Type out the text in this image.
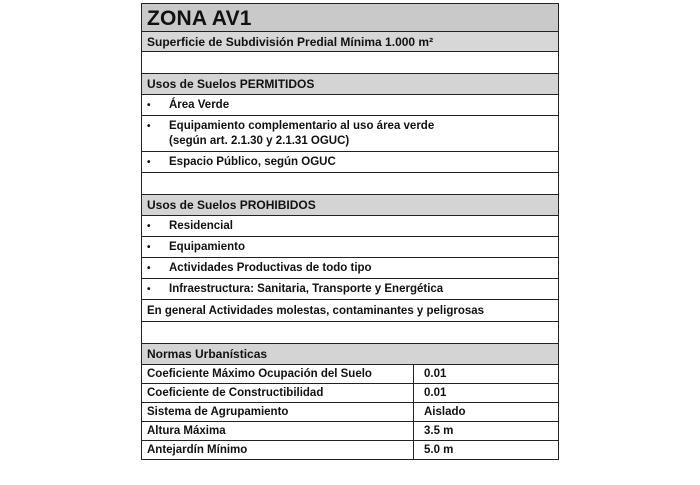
ZONA AV1
Superficie de Subdivisión Predial Mínima 1.000 m²
Usos de Suelos PERMITIDOS
• Área Verde
• Equipamiento complementario al uso área verde
(según art. 2.1.30 y 2.1.31 OGUC)
• Espacio Público, según OGUC
Usos de Suelos PROHIBIDOS
• Residencial
• Equipamiento
• Actividades Productivas de todo tipo
• Infraestructura: Sanitaria, Transporte y Energética
En general Actividades molestas, contaminantes y peligrosas
Normas Urbanísticas
Coeficiente Máximo Ocupación del Suelo	0.01
Coeficiente de Constructibilidad	0.01
Sistema de Agrupamiento	Aislado
Altura Máxima	3.5 m
Antejardín Mínimo	5.0 m
